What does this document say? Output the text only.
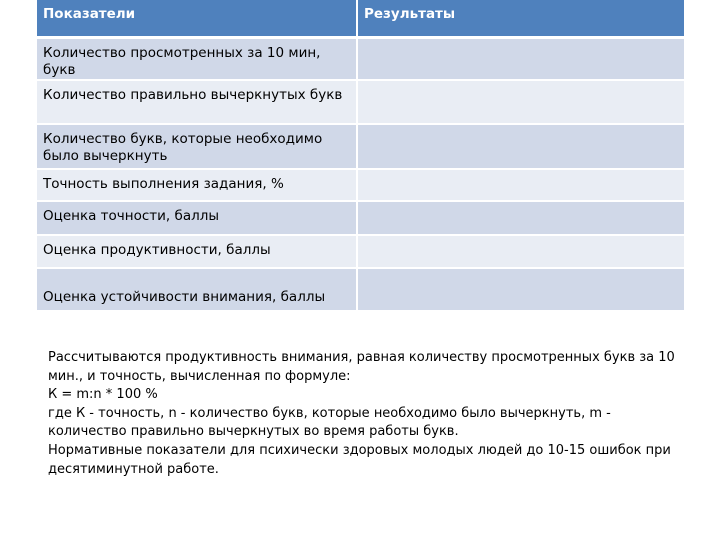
Показатели	Результаты
Количество просмотренных за 10 мин, букв	
Количество правильно вычеркнутых букв	
Количество букв, которые необходимо было вычеркнуть	
Точность выполнения задания, %	
Оценка точности, баллы	
Оценка продуктивности, баллы	
Оценка устойчивости внимания, баллы	

Рассчитываются продуктивность внимания, равная количеству просмотренных букв за 10 мин., и точность, вычисленная по формуле:

К = m:n * 100 %

где К - точность, n - количество букв, которые необходимо было вычеркнуть, m - количество правильно вычеркнутых во время работы букв.

Нормативные показатели для психически здоровых молодых людей до 10-15 ошибок при десятиминутной работе.
